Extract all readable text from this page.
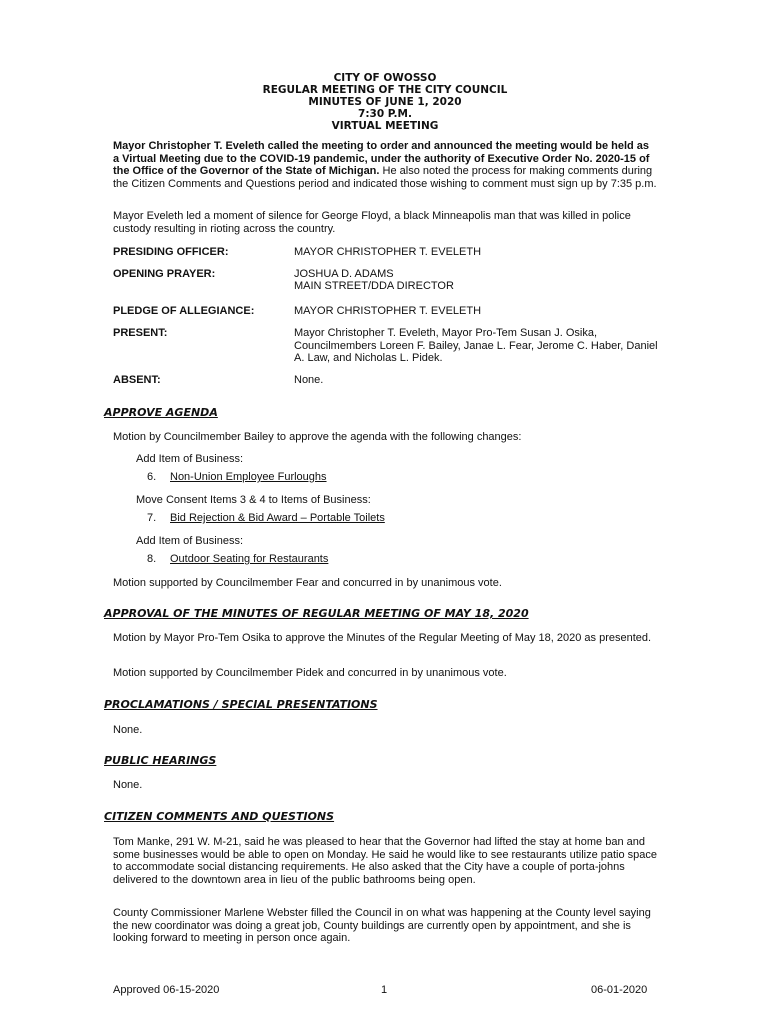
CITY OF OWOSSO
REGULAR MEETING OF THE CITY COUNCIL
MINUTES OF JUNE 1, 2020
7:30 P.M.
VIRTUAL MEETING

Mayor Christopher T. Eveleth called the meeting to order and announced the meeting would be held as a Virtual Meeting due to the COVID-19 pandemic, under the authority of Executive Order No. 2020-15 of the Office of the Governor of the State of Michigan. He also noted the process for making comments during the Citizen Comments and Questions period and indicated those wishing to comment must sign up by 7:35 p.m.

Mayor Eveleth led a moment of silence for George Floyd, a black Minneapolis man that was killed in police custody resulting in rioting across the country.

PRESIDING OFFICER:	MAYOR CHRISTOPHER T. EVELETH
OPENING PRAYER:	JOSHUA D. ADAMS
MAIN STREET/DDA DIRECTOR
PLEDGE OF ALLEGIANCE:	MAYOR CHRISTOPHER T. EVELETH
PRESENT:	Mayor Christopher T. Eveleth, Mayor Pro-Tem Susan J. Osika, Councilmembers Loreen F. Bailey, Janae L. Fear, Jerome C. Haber, Daniel A. Law, and Nicholas L. Pidek.
ABSENT:	None.
APPROVE AGENDA

Motion by Councilmember Bailey to approve the agenda with the following changes:

Add Item of Business:
6. Non-Union Employee Furloughs
Move Consent Items 3 & 4 to Items of Business:
7. Bid Rejection & Bid Award – Portable Toilets
Add Item of Business:
8. Outdoor Seating for Restaurants

Motion supported by Councilmember Fear and concurred in by unanimous vote.

APPROVAL OF THE MINUTES OF REGULAR MEETING OF MAY 18, 2020

Motion by Mayor Pro-Tem Osika to approve the Minutes of the Regular Meeting of May 18, 2020 as presented.

Motion supported by Councilmember Pidek and concurred in by unanimous vote.

PROCLAMATIONS / SPECIAL PRESENTATIONS

None.

PUBLIC HEARINGS

None.

CITIZEN COMMENTS AND QUESTIONS

Tom Manke, 291 W. M-21, said he was pleased to hear that the Governor had lifted the stay at home ban and some businesses would be able to open on Monday. He said he would like to see restaurants utilize patio space to accommodate social distancing requirements. He also asked that the City have a couple of porta-johns delivered to the downtown area in lieu of the public bathrooms being open.

County Commissioner Marlene Webster filled the Council in on what was happening at the County level saying the new coordinator was doing a great job, County buildings are currently open by appointment, and she is looking forward to meeting in person once again.

Approved 06-15-2020	1	06-01-2020
